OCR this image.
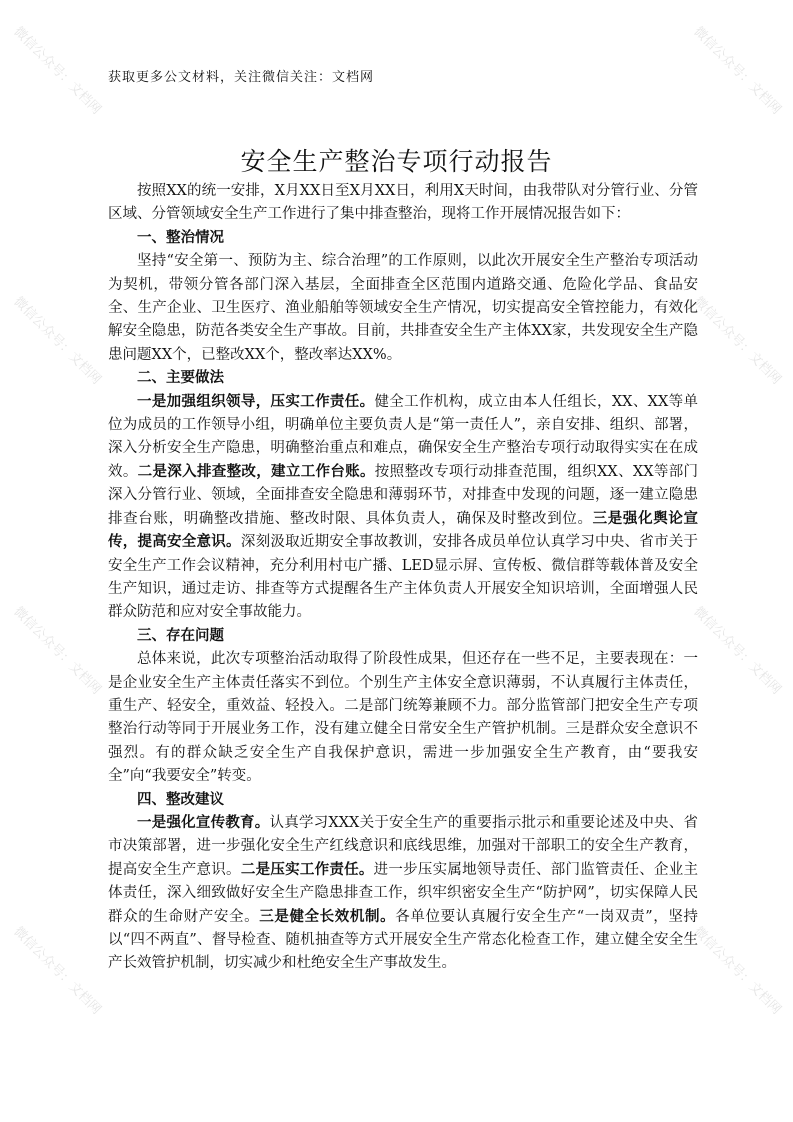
获取更多公文材料，关注微信关注：文档网
安全生产整治专项行动报告

按照XX的统一安排，X月XX日至X月XX日，利用X天时间，由我带队对分管行业、分管区域、分管领域安全生产工作进行了集中排查整治，现将工作开展情况报告如下：

一、整治情况

坚持“安全第一、预防为主、综合治理”的工作原则，以此次开展安全生产整治专项活动为契机，带领分管各部门深入基层，全面排查全区范围内道路交通、危险化学品、食品安全、生产企业、卫生医疗、渔业船舶等领域安全生产情况，切实提高安全管控能力，有效化解安全隐患，防范各类安全生产事故。目前，共排查安全生产主体XX家，共发现安全生产隐患问题XX个，已整改XX个，整改率达XX%。

二、主要做法

一是加强组织领导，压实工作责任。健全工作机构，成立由本人任组长，XX、XX等单位为成员的工作领导小组，明确单位主要负责人是“第一责任人”，亲自安排、组织、部署，深入分析安全生产隐患，明确整治重点和难点，确保安全生产整治专项行动取得实实在在成效。二是深入排查整改，建立工作台账。按照整改专项行动排查范围，组织XX、XX等部门深入分管行业、领域，全面排查安全隐患和薄弱环节，对排查中发现的问题，逐一建立隐患排查台账，明确整改措施、整改时限、具体负责人，确保及时整改到位。三是强化舆论宣传，提高安全意识。深刻汲取近期安全事故教训，安排各成员单位认真学习中央、省市关于安全生产工作会议精神，充分利用村屯广播、LED显示屏、宣传板、微信群等载体普及安全生产知识，通过走访、排查等方式提醒各生产主体负责人开展安全知识培训，全面增强人民群众防范和应对安全事故能力。

三、存在问题

总体来说，此次专项整治活动取得了阶段性成果，但还存在一些不足，主要表现在：一是企业安全生产主体责任落实不到位。个别生产主体安全意识薄弱，不认真履行主体责任，重生产、轻安全，重效益、轻投入。二是部门统筹兼顾不力。部分监管部门把安全生产专项整治行动等同于开展业务工作，没有建立健全日常安全生产管护机制。三是群众安全意识不强烈。有的群众缺乏安全生产自我保护意识，需进一步加强安全生产教育，由“要我安全”向“我要安全”转变。

四、整改建议

一是强化宣传教育。认真学习XXX关于安全生产的重要指示批示和重要论述及中央、省市决策部署，进一步强化安全生产红线意识和底线思维，加强对干部职工的安全生产教育，提高安全生产意识。二是压实工作责任。进一步压实属地领导责任、部门监管责任、企业主体责任，深入细致做好安全生产隐患排查工作，织牢织密安全生产“防护网”，切实保障人民群众的生命财产安全。三是健全长效机制。各单位要认真履行安全生产“一岗双责”，坚持以“四不两直”、督导检查、随机抽查等方式开展安全生产常态化检查工作，建立健全安全生产长效管护机制，切实减少和杜绝安全生产事故发生。

微信公众号：文档网	微信公众号：文档网
微信公众号：文档网	微信公众号：文档网
微信公众号：文档网	微信公众号：文档网
微信公众号：文档网	微信公众号：文档网
